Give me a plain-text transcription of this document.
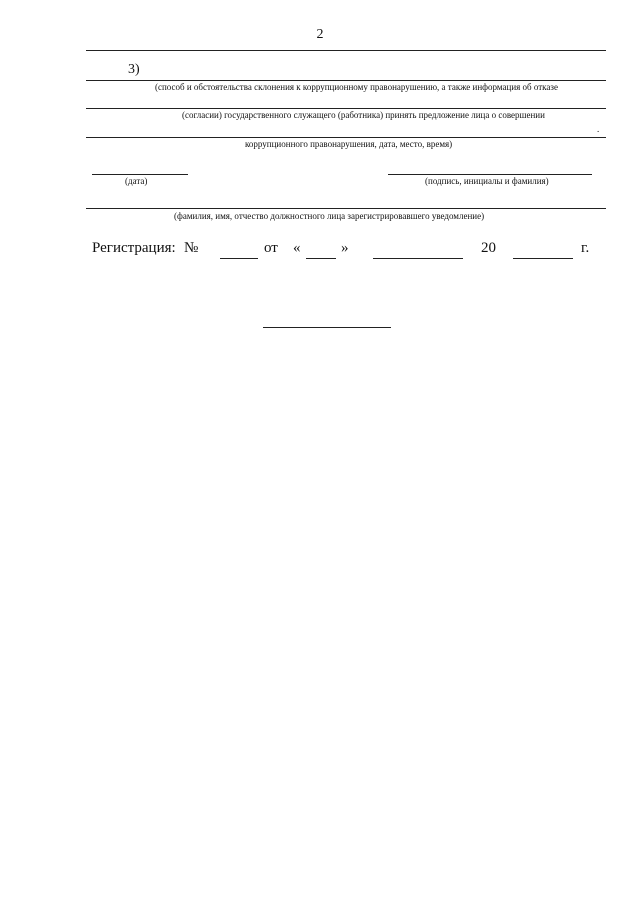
2
3)
(способ и обстоятельства склонения к коррупционному правонарушению, а также информация об отказе
(согласии) государственного служащего (работника) принять предложение лица о совершении
.
коррупционного правонарушения, дата, место, время)
(дата)	(подпись, инициалы и фамилия)
(фамилия, имя, отчество должностного лица зарегистрировавшего уведомление)
Регистрация: №	от «	»	20	г.
